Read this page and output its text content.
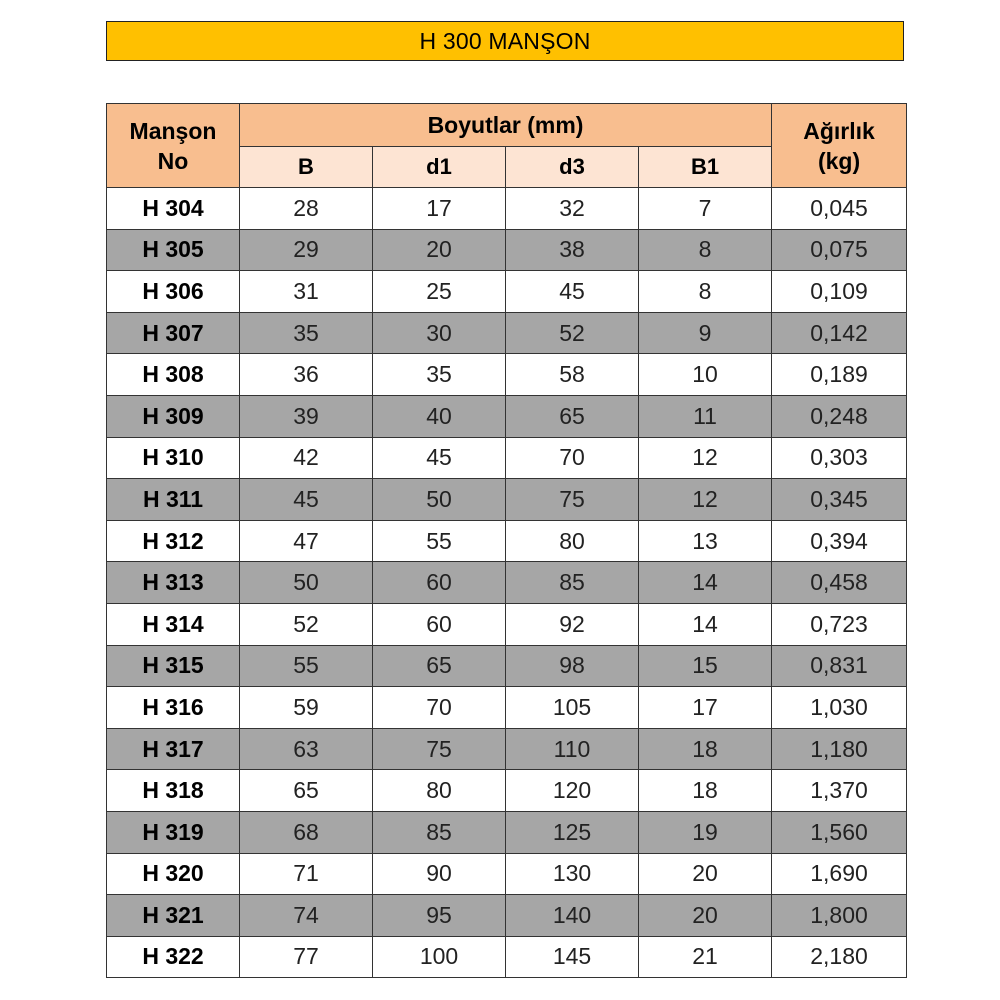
H 300 MANŞON
Manşon
No	Boyutlar (mm)				Ağırlık
(kg)
	B	d1	d3	B1	
H 304	28	17	32	7	0,045
H 305	29	20	38	8	0,075
H 306	31	25	45	8	0,109
H 307	35	30	52	9	0,142
H 308	36	35	58	10	0,189
H 309	39	40	65	11	0,248
H 310	42	45	70	12	0,303
H 311	45	50	75	12	0,345
H 312	47	55	80	13	0,394
H 313	50	60	85	14	0,458
H 314	52	60	92	14	0,723
H 315	55	65	98	15	0,831
H 316	59	70	105	17	1,030
H 317	63	75	110	18	1,180
H 318	65	80	120	18	1,370
H 319	68	85	125	19	1,560
H 320	71	90	130	20	1,690
H 321	74	95	140	20	1,800
H 322	77	100	145	21	2,180
